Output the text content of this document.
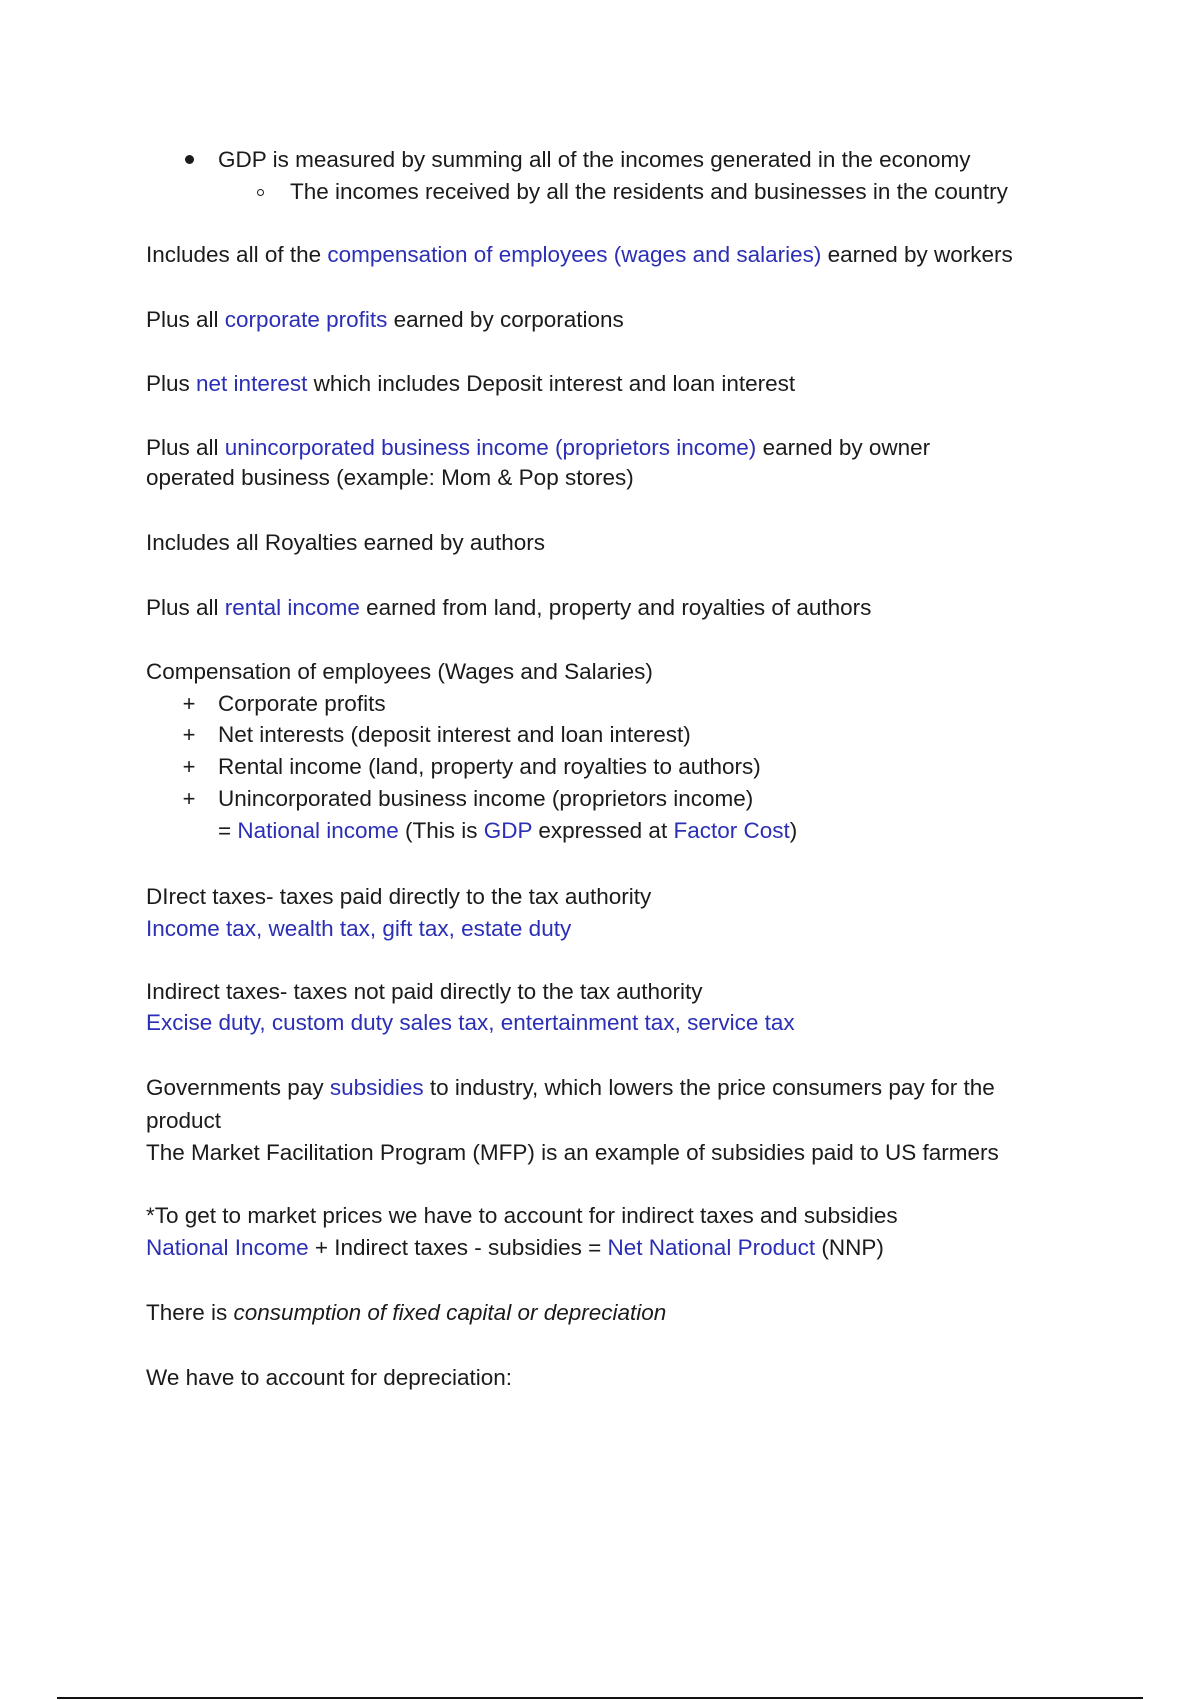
GDP is measured by summing all of the incomes generated in the economy
The incomes received by all the residents and businesses in the country
Includes all of the compensation of employees (wages and salaries) earned by workers
Plus all corporate profits earned by corporations
Plus net interest which includes Deposit interest and loan interest
Plus all unincorporated business income (proprietors income) earned by owner
operated business (example: Mom & Pop stores)
Includes all Royalties earned by authors
Plus all rental income earned from land, property and royalties of authors
Compensation of employees (Wages and Salaries)
+ Corporate profits
+ Net interests (deposit interest and loan interest)
+ Rental income (land, property and royalties to authors)
+ Unincorporated business income (proprietors income)
= National income (This is GDP expressed at Factor Cost)
DIrect taxes- taxes paid directly to the tax authority
Income tax, wealth tax, gift tax, estate duty
Indirect taxes- taxes not paid directly to the tax authority
Excise duty, custom duty sales tax, entertainment tax, service tax
Governments pay subsidies to industry, which lowers the price consumers pay for the
product
The Market Facilitation Program (MFP) is an example of subsidies paid to US farmers
*To get to market prices we have to account for indirect taxes and subsidies
National Income + Indirect taxes - subsidies = Net National Product (NNP)
There is consumption of fixed capital or depreciation
We have to account for depreciation:
